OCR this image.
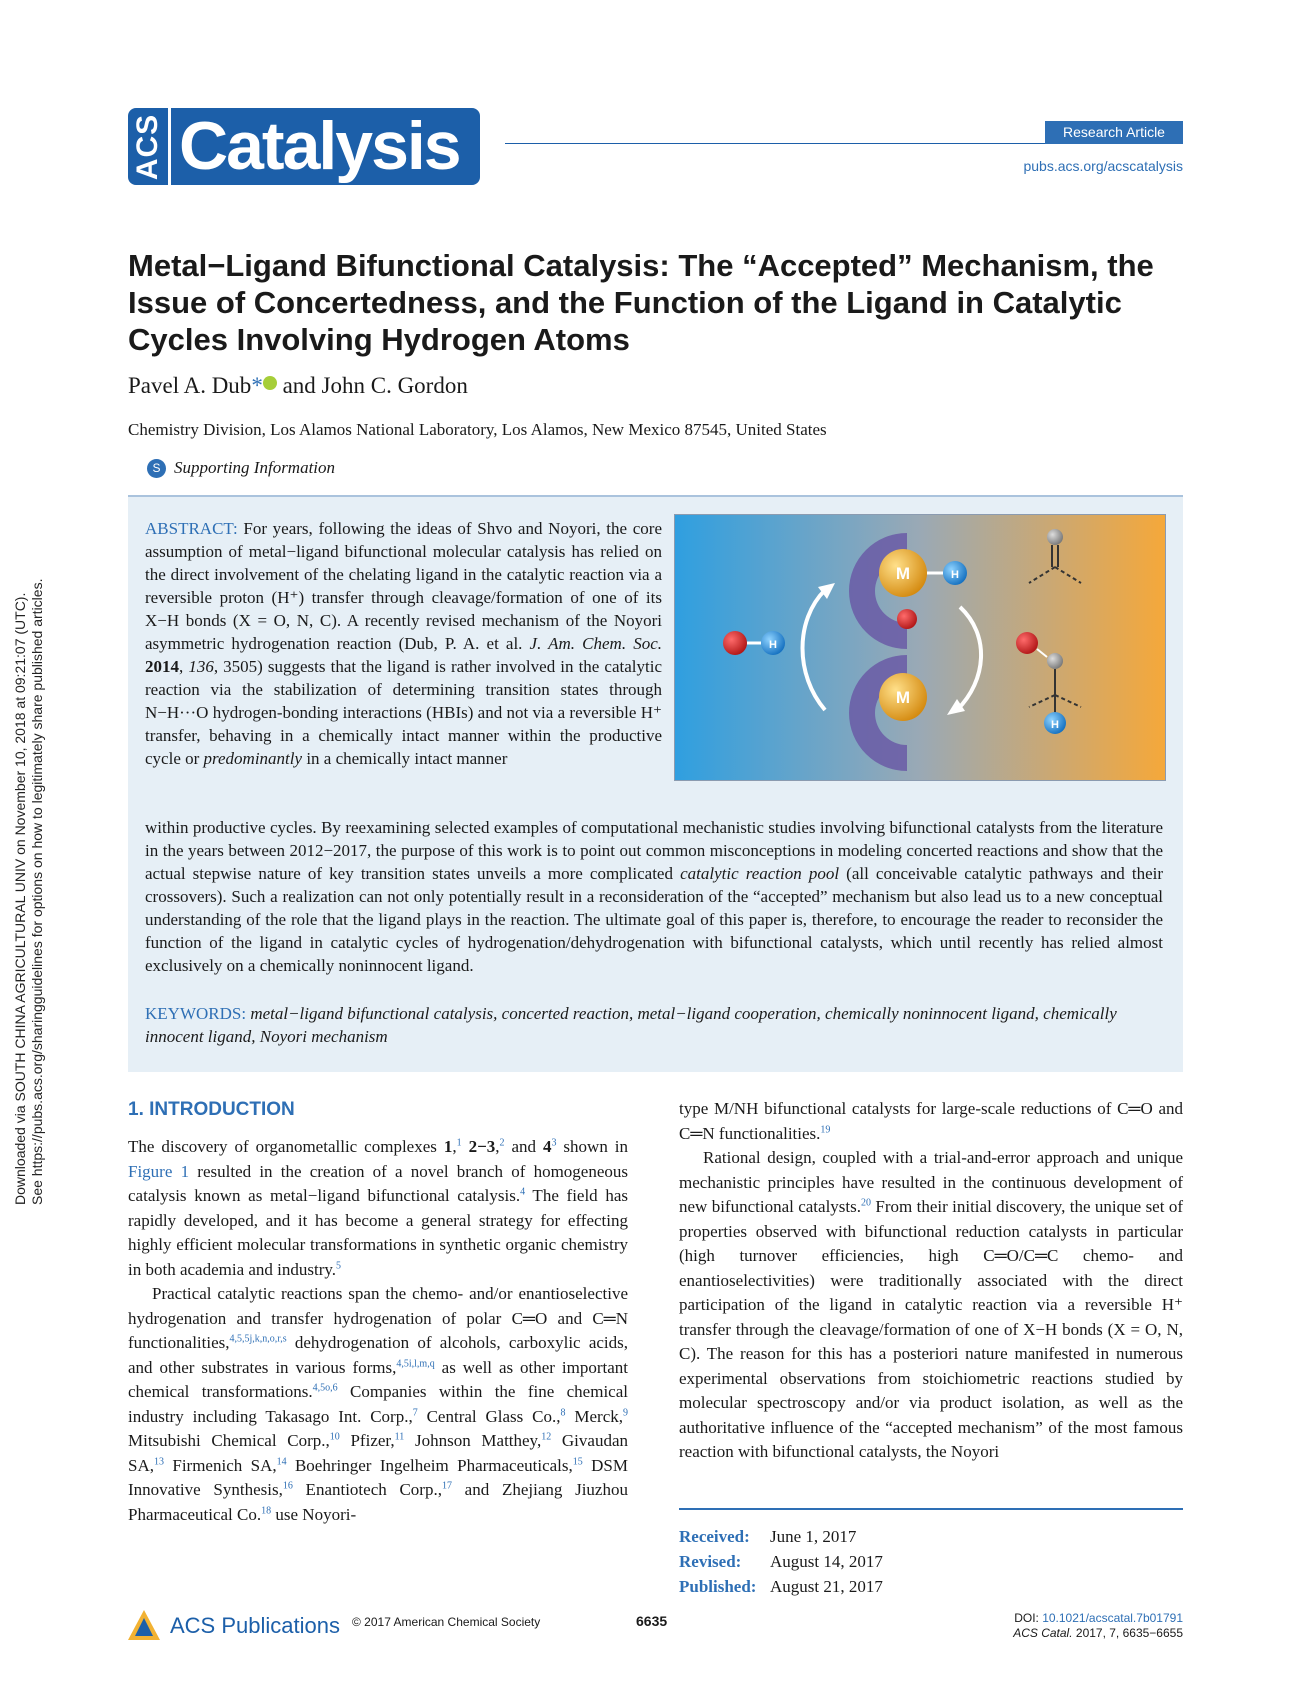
Downloaded via SOUTH CHINA AGRICULTURAL UNIV on November 10, 2018 at 09:21:07 (UTC). See https://pubs.acs.org/sharingguidelines for options on how to legitimately share published articles.
ACS Catalysis	Research Article
pubs.acs.org/acscatalysis
Metal−Ligand Bifunctional Catalysis: The “Accepted” Mechanism, the Issue of Concertedness, and the Function of the Ligand in Catalytic Cycles Involving Hydrogen Atoms
Pavel A. Dub* and John C. Gordon
Chemistry Division, Los Alamos National Laboratory, Los Alamos, New Mexico 87545, United States
S Supporting Information
ABSTRACT: For years, following the ideas of Shvo and Noyori, the core assumption of metal−ligand bifunctional molecular catalysis has relied on the direct involvement of the chelating ligand in the catalytic reaction via a reversible proton (H⁺) transfer through cleavage/formation of one of its X−H bonds (X = O, N, C). A recently revised mechanism of the Noyori asymmetric hydrogenation reaction (Dub, P. A. et al. J. Am. Chem. Soc. 2014, 136, 3505) suggests that the ligand is rather involved in the catalytic reaction via the stabilization of determining transition states through N−H···O hydrogen-bonding interactions (HBIs) and not via a reversible H⁺ transfer, behaving in a chemically intact manner within the productive cycle or predominantly in a chemically intact manner
within productive cycles. By reexamining selected examples of computational mechanistic studies involving bifunctional catalysts from the literature in the years between 2012−2017, the purpose of this work is to point out common misconceptions in modeling concerted reactions and show that the actual stepwise nature of key transition states unveils a more complicated catalytic reaction pool (all conceivable catalytic pathways and their crossovers). Such a realization can not only potentially result in a reconsideration of the “accepted” mechanism but also lead us to a new conceptual understanding of the role that the ligand plays in the reaction. The ultimate goal of this paper is, therefore, to encourage the reader to reconsider the function of the ligand in catalytic cycles of hydrogenation/dehydrogenation with bifunctional catalysts, which until recently has relied almost exclusively on a chemically noninnocent ligand.
M	H
M
H
H
KEYWORDS: metal−ligand bifunctional catalysis, concerted reaction, metal−ligand cooperation, chemically noninnocent ligand, chemically innocent ligand, Noyori mechanism
1. INTRODUCTION

The discovery of organometallic complexes 1,$^1$ 2−3,$^2$ and $4^3$ shown in Figure 1 resulted in the creation of a novel branch of homogeneous catalysis known as metal−ligand bifunctional catalysis.$^4$ The field has rapidly developed, and it has become a general strategy for effecting highly efficient molecular transformations in synthetic organic chemistry in both academia and industry.$^5$

Practical catalytic reactions span the chemo- and/or enantioselective hydrogenation and transfer hydrogenation of polar C═O and C═N functionalities,$^{4,5,5j,k,n,o,r,s}$ dehydrogenation of alcohols, carboxylic acids, and other substrates in various forms,$^{4,5i,l,m,q}$ as well as other important chemical transformations.$^{4,5o,6}$ Companies within the fine chemical industry including Takasago Int. Corp.,$^7$ Central Glass Co.,$^8$ Merck,$^9$ Mitsubishi Chemical Corp.,$^{10}$ Pfizer,$^{11}$ Johnson Matthey,$^{12}$ Givaudan SA,$^{13}$ Firmenich SA,$^{14}$ Boehringer Ingelheim Pharmaceuticals,$^{15}$ DSM Innovative Synthesis,$^{16}$ Enantiotech Corp.,$^{17}$ and Zhejiang Jiuzhou Pharmaceutical Co.$^{18}$ use Noyori-

type M/NH bifunctional catalysts for large-scale reductions of C═O and C═N functionalities.$^{19}$

Rational design, coupled with a trial-and-error approach and unique mechanistic principles have resulted in the continuous development of new bifunctional catalysts.$^{20}$ From their initial discovery, the unique set of properties observed with bifunctional reduction catalysts in particular (high turnover efficiencies, high C═O/C═C chemo- and enantioselectivities) were traditionally associated with the direct participation of the ligand in catalytic reaction via a reversible H⁺ transfer through the cleavage/formation of one of X−H bonds (X = O, N, C). The reason for this has a posteriori nature manifested in numerous experimental observations from stoichiometric reactions studied by molecular spectroscopy and/or via product isolation, as well as the authoritative influence of the “accepted mechanism” of the most famous reaction with bifunctional catalysts, the Noyori

Received: June 1, 2017
Revised: August 14, 2017
Published: August 21, 2017
ACS Publications © 2017 American Chemical Society	6635	DOI: 10.1021/acscatal.7b01791
ACS Catal. 2017, 7, 6635−6655
